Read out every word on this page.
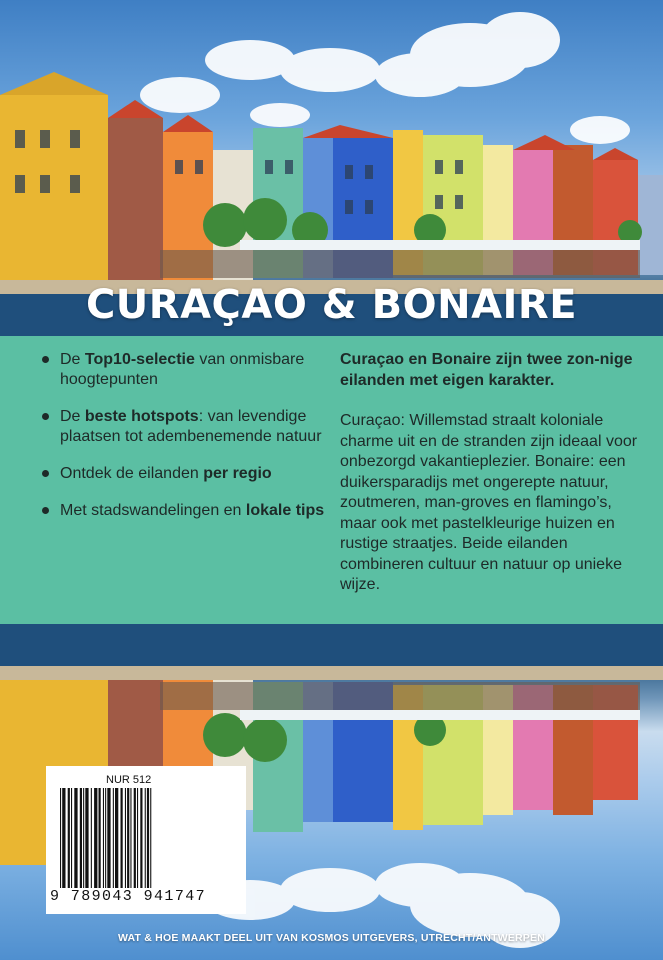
CURAÇAO & BONAIRE
De Top10-selectie van onmisbare hoogtepunten
De beste hotspots: van levendige plaatsen tot adembenemende natuur
Ontdek de eilanden per regio
Met stadswandelingen en lokale tips

Curaçao en Bonaire zijn twee zon-nige eilanden met eigen karakter.

Curaçao: Willemstad straalt koloniale charme uit en de stranden zijn ideaal voor onbezorgd vakantieplezier. Bonaire: een duikersparadijs met ongerepte natuur, zoutmeren, man-groves en flamingo’s, maar ook met pastelkleurige huizen en rustige straatjes. Beide eilanden combineren cultuur en natuur op unieke wijze.

NUR 512
9 789043 941747
WAT & HOE MAAKT DEEL UIT VAN KOSMOS UITGEVERS, UTRECHT/ANTWERPEN
